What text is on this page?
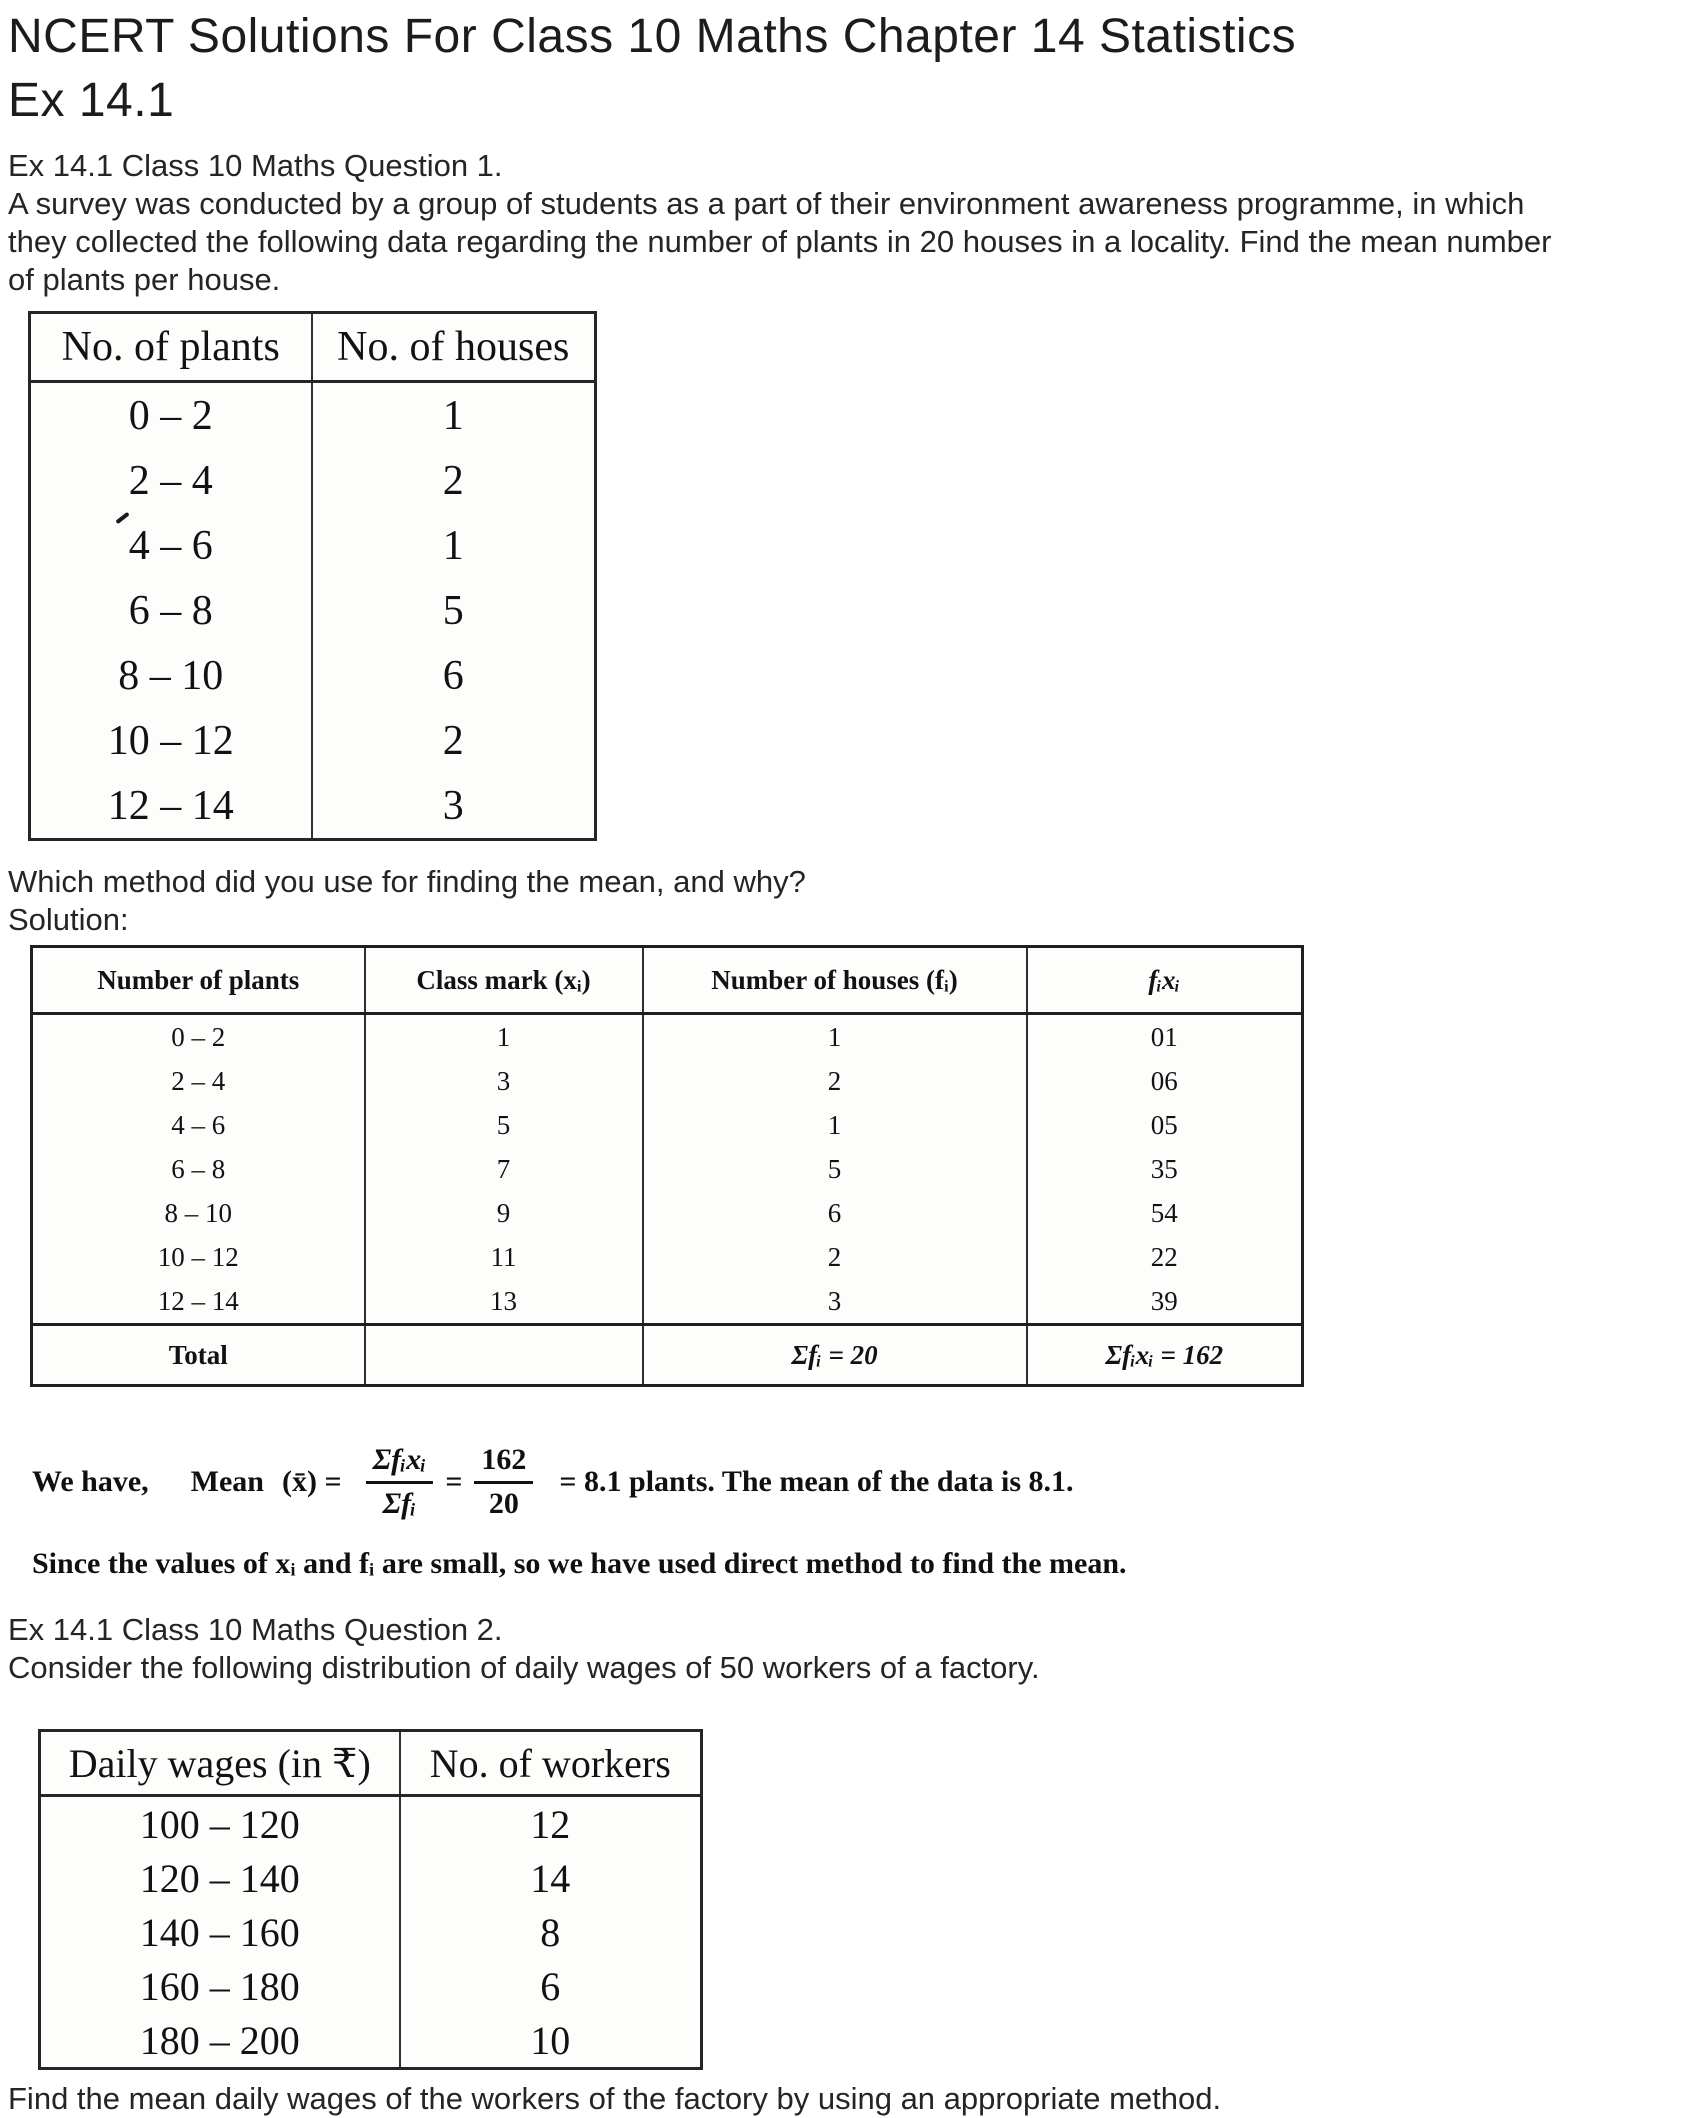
NCERT Solutions For Class 10 Maths Chapter 14 Statistics
Ex 14.1
Ex 14.1 Class 10 Maths Question 1.
A survey was conducted by a group of students as a part of their environment awareness programme, in which
they collected the following data regarding the number of plants in 20 houses in a locality. Find the mean number
of plants per house.
No. of plants	No. of houses
0 – 2	1
2 – 4	2

4 – 6	1
6 – 8	5
8 – 10	6
10 – 12	2
12 – 14	3
Which method did you use for finding the mean, and why?
Solution:
Number of plants	Class mark (xᵢ)	Number of houses (fᵢ)	fᵢxᵢ
0 – 2	1	1	01
2 – 4	3	2	06
4 – 6	5	1	05
6 – 8	7	5	35
8 – 10	9	6	54
10 – 12	11	2	22
12 – 14	13	3	39
Total		Σfᵢ = 20	Σfᵢxᵢ = 162
We have, Mean (x̄) = $\frac{\text{Σfᵢxᵢ}}{\text{Σfᵢ}} = \frac{162}{20} = 8.1$ plants. The mean of the data is 8.1.
Since the values of xᵢ and fᵢ are small, so we have used direct method to find the mean.
Ex 14.1 Class 10 Maths Question 2.
Consider the following distribution of daily wages of 50 workers of a factory.
Daily wages (in ₹)	No. of workers
100 – 120	12
120 – 140	14
140 – 160	8
160 – 180	6
180 – 200	10
Find the mean daily wages of the workers of the factory by using an appropriate method.
